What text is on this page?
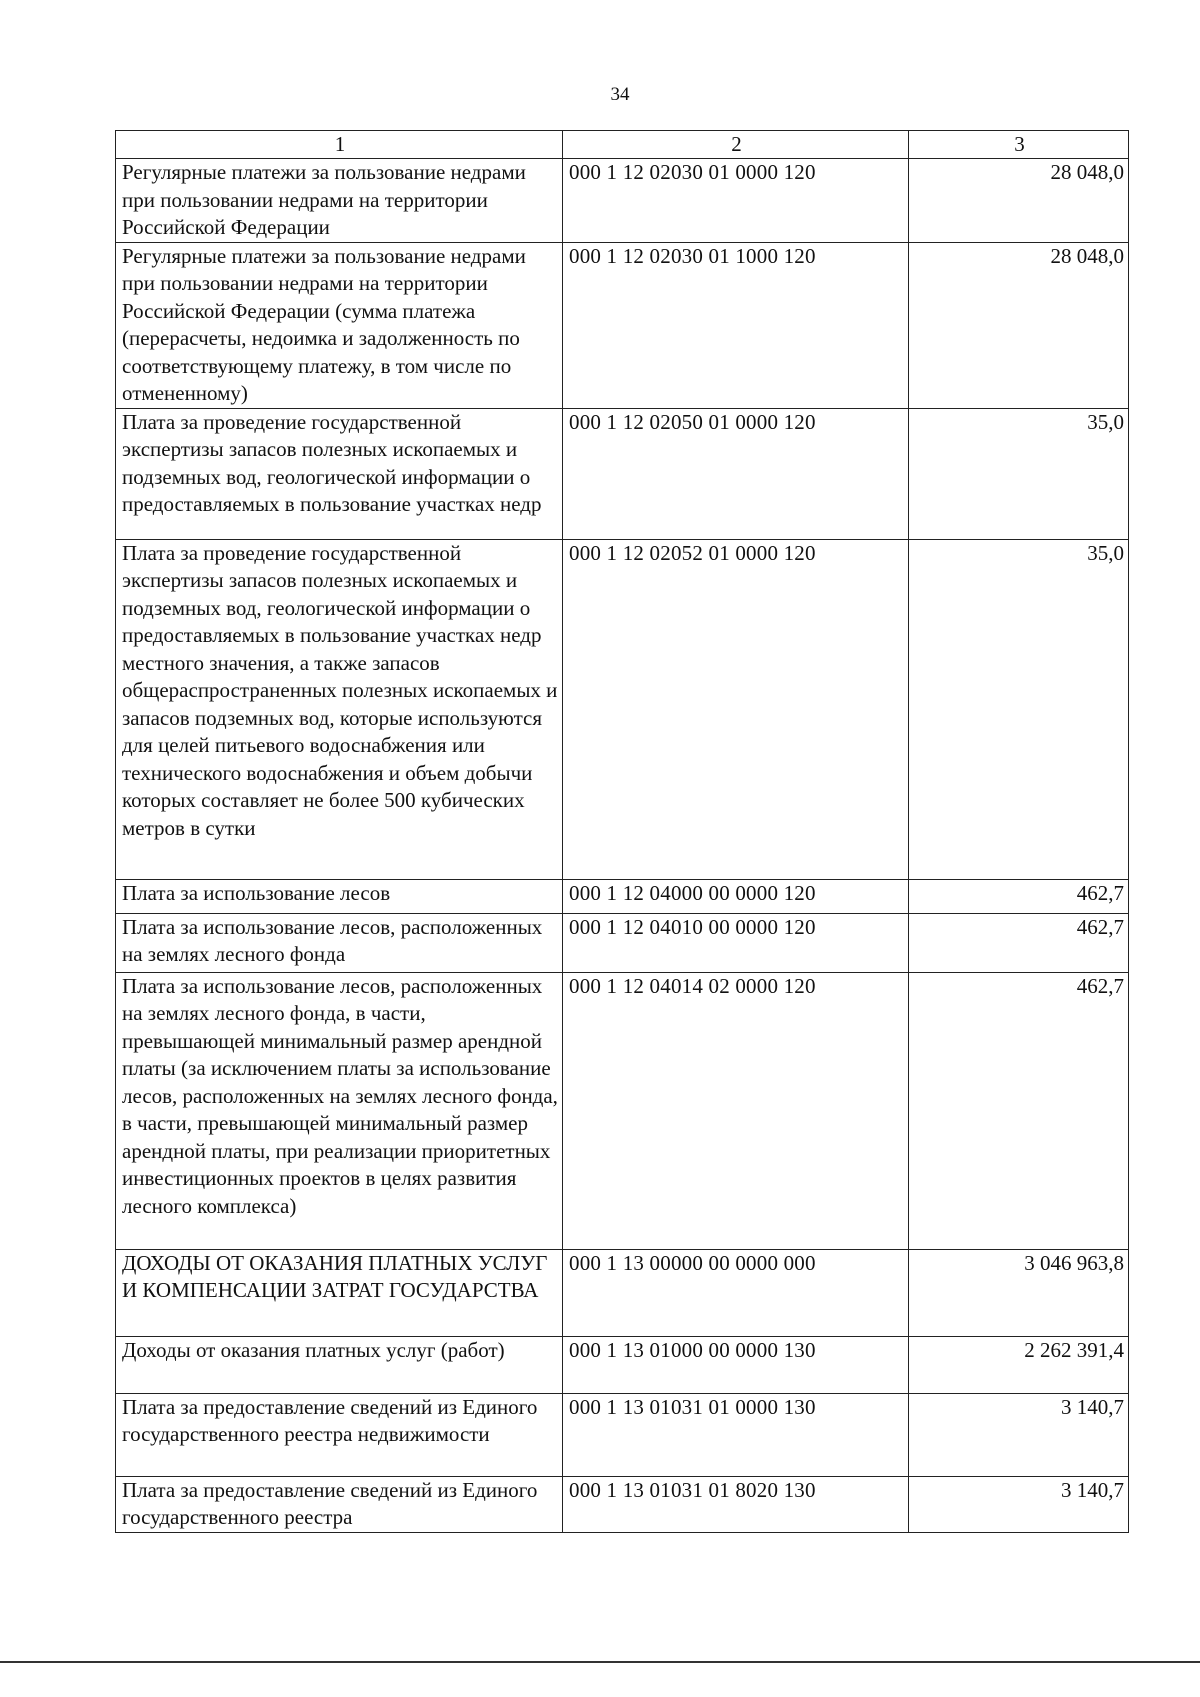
34
1	2	3
Регулярные платежи за пользование недрами при пользовании недрами на территории Российской Федерации	000 1 12 02030 01 0000 120	28 048,0
Регулярные платежи за пользование недрами при пользовании недрами на территории Российской Федерации (сумма платежа (перерасчеты, недоимка и задолженность по соответствующему платежу, в том числе по отмененному)	000 1 12 02030 01 1000 120	28 048,0
Плата за проведение государственной экспертизы запасов полезных ископаемых и подземных вод, геологической информации о предоставляемых в пользование участках недр	000 1 12 02050 01 0000 120	35,0
Плата за проведение государственной экспертизы запасов полезных ископаемых и подземных вод, геологической информации о предоставляемых в пользование участках недр местного значения, а также запасов общераспространенных полезных ископаемых и запасов подземных вод, которые используются для целей питьевого водоснабжения или технического водоснабжения и объем добычи которых составляет не более 500 кубических метров в сутки	000 1 12 02052 01 0000 120	35,0
Плата за использование лесов	000 1 12 04000 00 0000 120	462,7
Плата за использование лесов, расположенных на землях лесного фонда	000 1 12 04010 00 0000 120	462,7
Плата за использование лесов, расположенных на землях лесного фонда, в части, превышающей минимальный размер арендной платы (за исключением платы за использование лесов, расположенных на землях лесного фонда, в части, превышающей минимальный размер арендной платы, при реализации приоритетных инвестиционных проектов в целях развития лесного комплекса)	000 1 12 04014 02 0000 120	462,7
ДОХОДЫ ОТ ОКАЗАНИЯ ПЛАТНЫХ УСЛУГ И КОМПЕНСАЦИИ ЗАТРАТ ГОСУДАРСТВА	000 1 13 00000 00 0000 000	3 046 963,8
Доходы от оказания платных услуг (работ)	000 1 13 01000 00 0000 130	2 262 391,4
Плата за предоставление сведений из Единого государственного реестра недвижимости	000 1 13 01031 01 0000 130	3 140,7
Плата за предоставление сведений из Единого государственного реестра	000 1 13 01031 01 8020 130	3 140,7
